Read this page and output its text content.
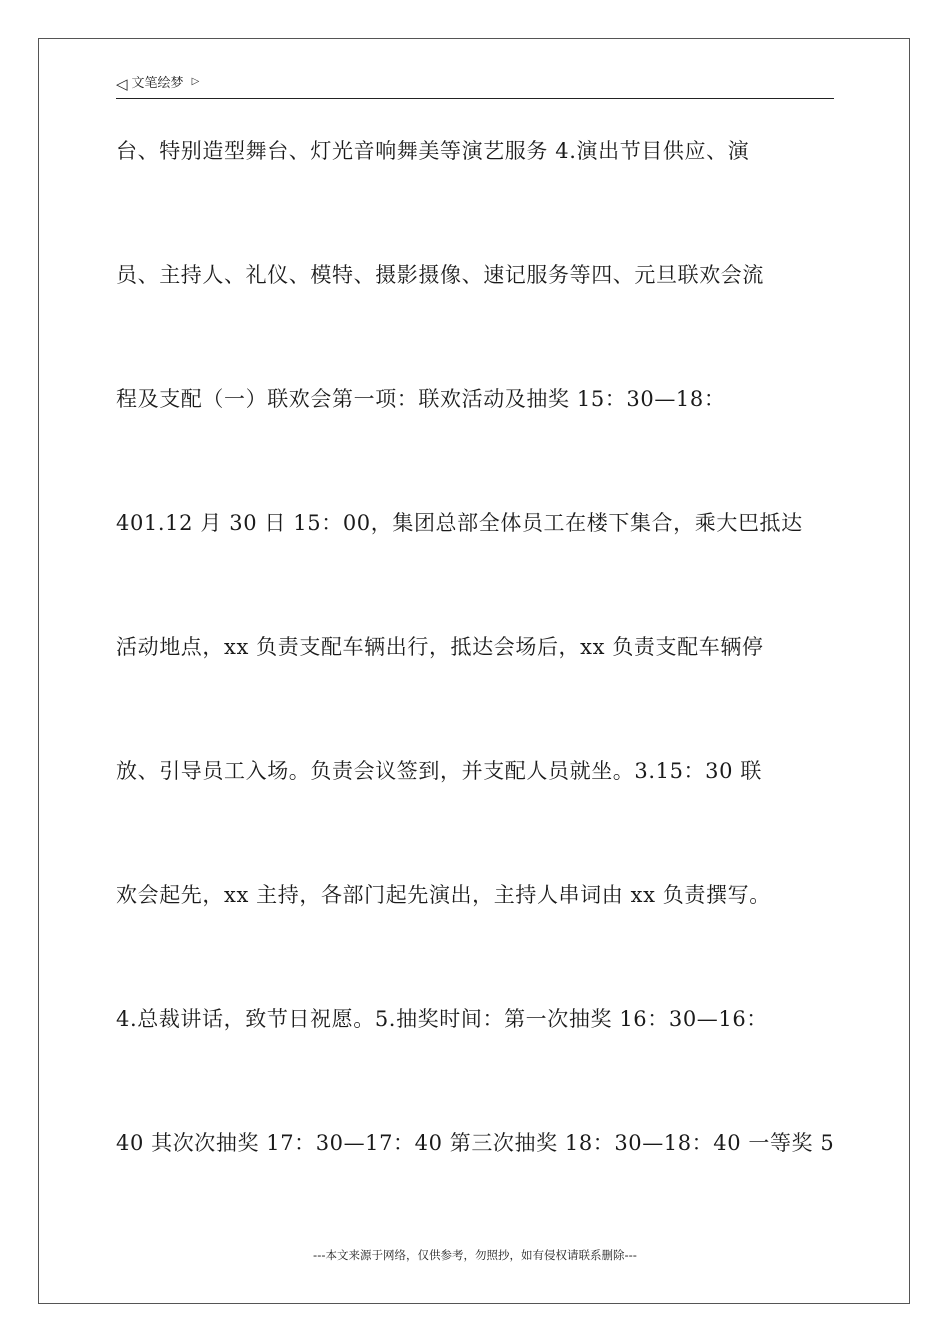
◁ 文笔绘梦 ▷
台、特别造型舞台、灯光音响舞美等演艺服务 4.演出节目供应、演
员、主持人、礼仪、模特、摄影摄像、速记服务等四、元旦联欢会流
程及支配（一）联欢会第一项：联欢活动及抽奖 15：30—18：
401.12 月 30 日 15：00，集团总部全体员工在楼下集合，乘大巴抵达
活动地点，xx 负责支配车辆出行，抵达会场后，xx 负责支配车辆停
放、引导员工入场。负责会议签到，并支配人员就坐。3.15：30 联
欢会起先，xx 主持，各部门起先演出，主持人串词由 xx 负责撰写。
4.总裁讲话，致节日祝愿。5.抽奖时间：第一次抽奖 16：30—16：
40 其次次抽奖 17：30—17：40 第三次抽奖 18：30—18：40 一等奖 5
---本文来源于网络，仅供参考，勿照抄，如有侵权请联系删除---
